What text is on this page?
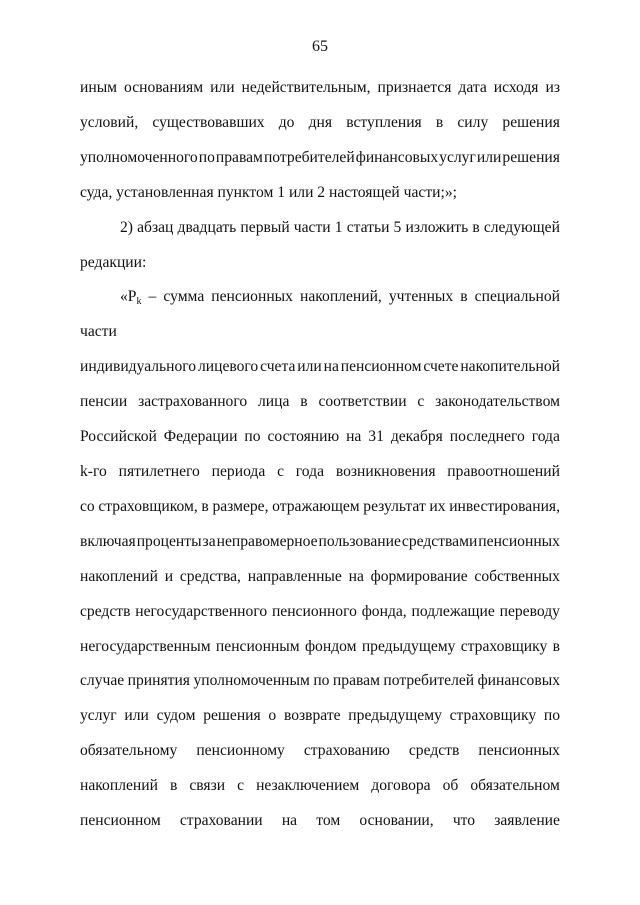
65

иным основаниям или недействительным, признается дата исходя из
условий, существовавших до дня вступления в силу решения
уполномоченного по правам потребителей финансовых услуг или решения
суда, установленная пунктом 1 или 2 настоящей части;»;

2) абзац двадцать первый части 1 статьи 5 изложить в следующей
редакции:

«$P_k$ – сумма пенсионных накоплений, учтенных в специальной части
индивидуального лицевого счета или на пенсионном счете накопительной
пенсии застрахованного лица в соответствии с законодательством
Российской Федерации по состоянию на 31 декабря последнего года
k-го пятилетнего периода с года возникновения правоотношений
со страховщиком, в размере, отражающем результат их инвестирования,
включая проценты за неправомерное пользование средствами пенсионных
накоплений и средства, направленные на формирование собственных
средств негосударственного пенсионного фонда, подлежащие переводу
негосударственным пенсионным фондом предыдущему страховщику в
случае принятия уполномоченным по правам потребителей финансовых
услуг или судом решения о возврате предыдущему страховщику по
обязательному пенсионному страхованию средств пенсионных
накоплений в связи с незаключением договора об обязательном
пенсионном страховании на том основании, что заявление
